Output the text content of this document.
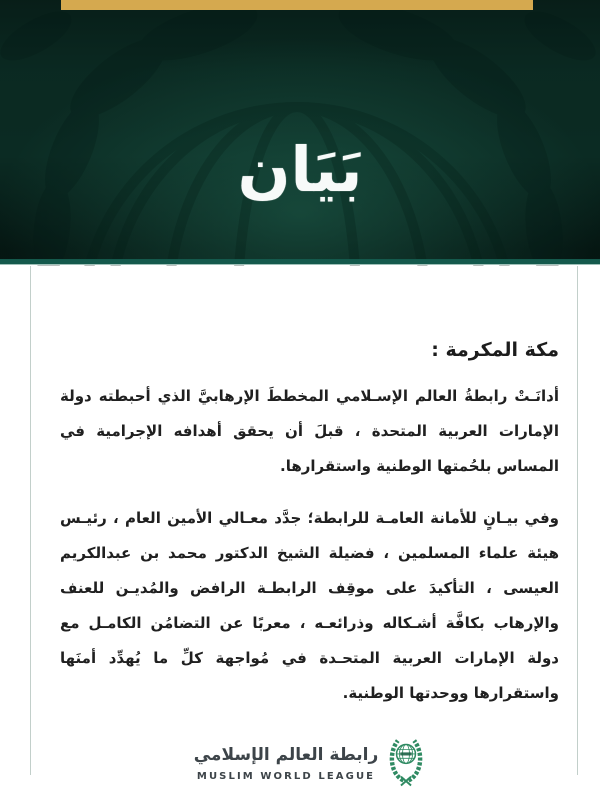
بَيَان
مكة المكرمة :

أدانَـتْ رابطةُ العالم الإسـلامي المخططَ الإرهابيَّ الذي أحبطته دولة الإمارات العربية المتحدة ، قبلَ أن يحقق أهدافه الإجرامية في المساس بلحُمتها الوطنية واستقرارها.

وفي بيـانٍ للأمانة العامـة للرابطة؛ جدَّد معـالي الأمين العام ، رئيـس هيئة علماء المسلمين ، فضيلة الشيخ الدكتور محمد بن عبدالكريم العيسى ، التأكيدَ على موقِف الرابطـة الرافض والمُديـن للعنف والإرهاب بكافَّة أشـكاله وذرائعـه ، معربًا عن التضامُن الكامـل مع دولة الإمارات العربية المتحـدة في مُواجهة كلِّ ما يُهدِّد أمنَها واستقرارها ووحدتها الوطنية.

رابطة العالم الإسلامي
MUSLIM WORLD LEAGUE
